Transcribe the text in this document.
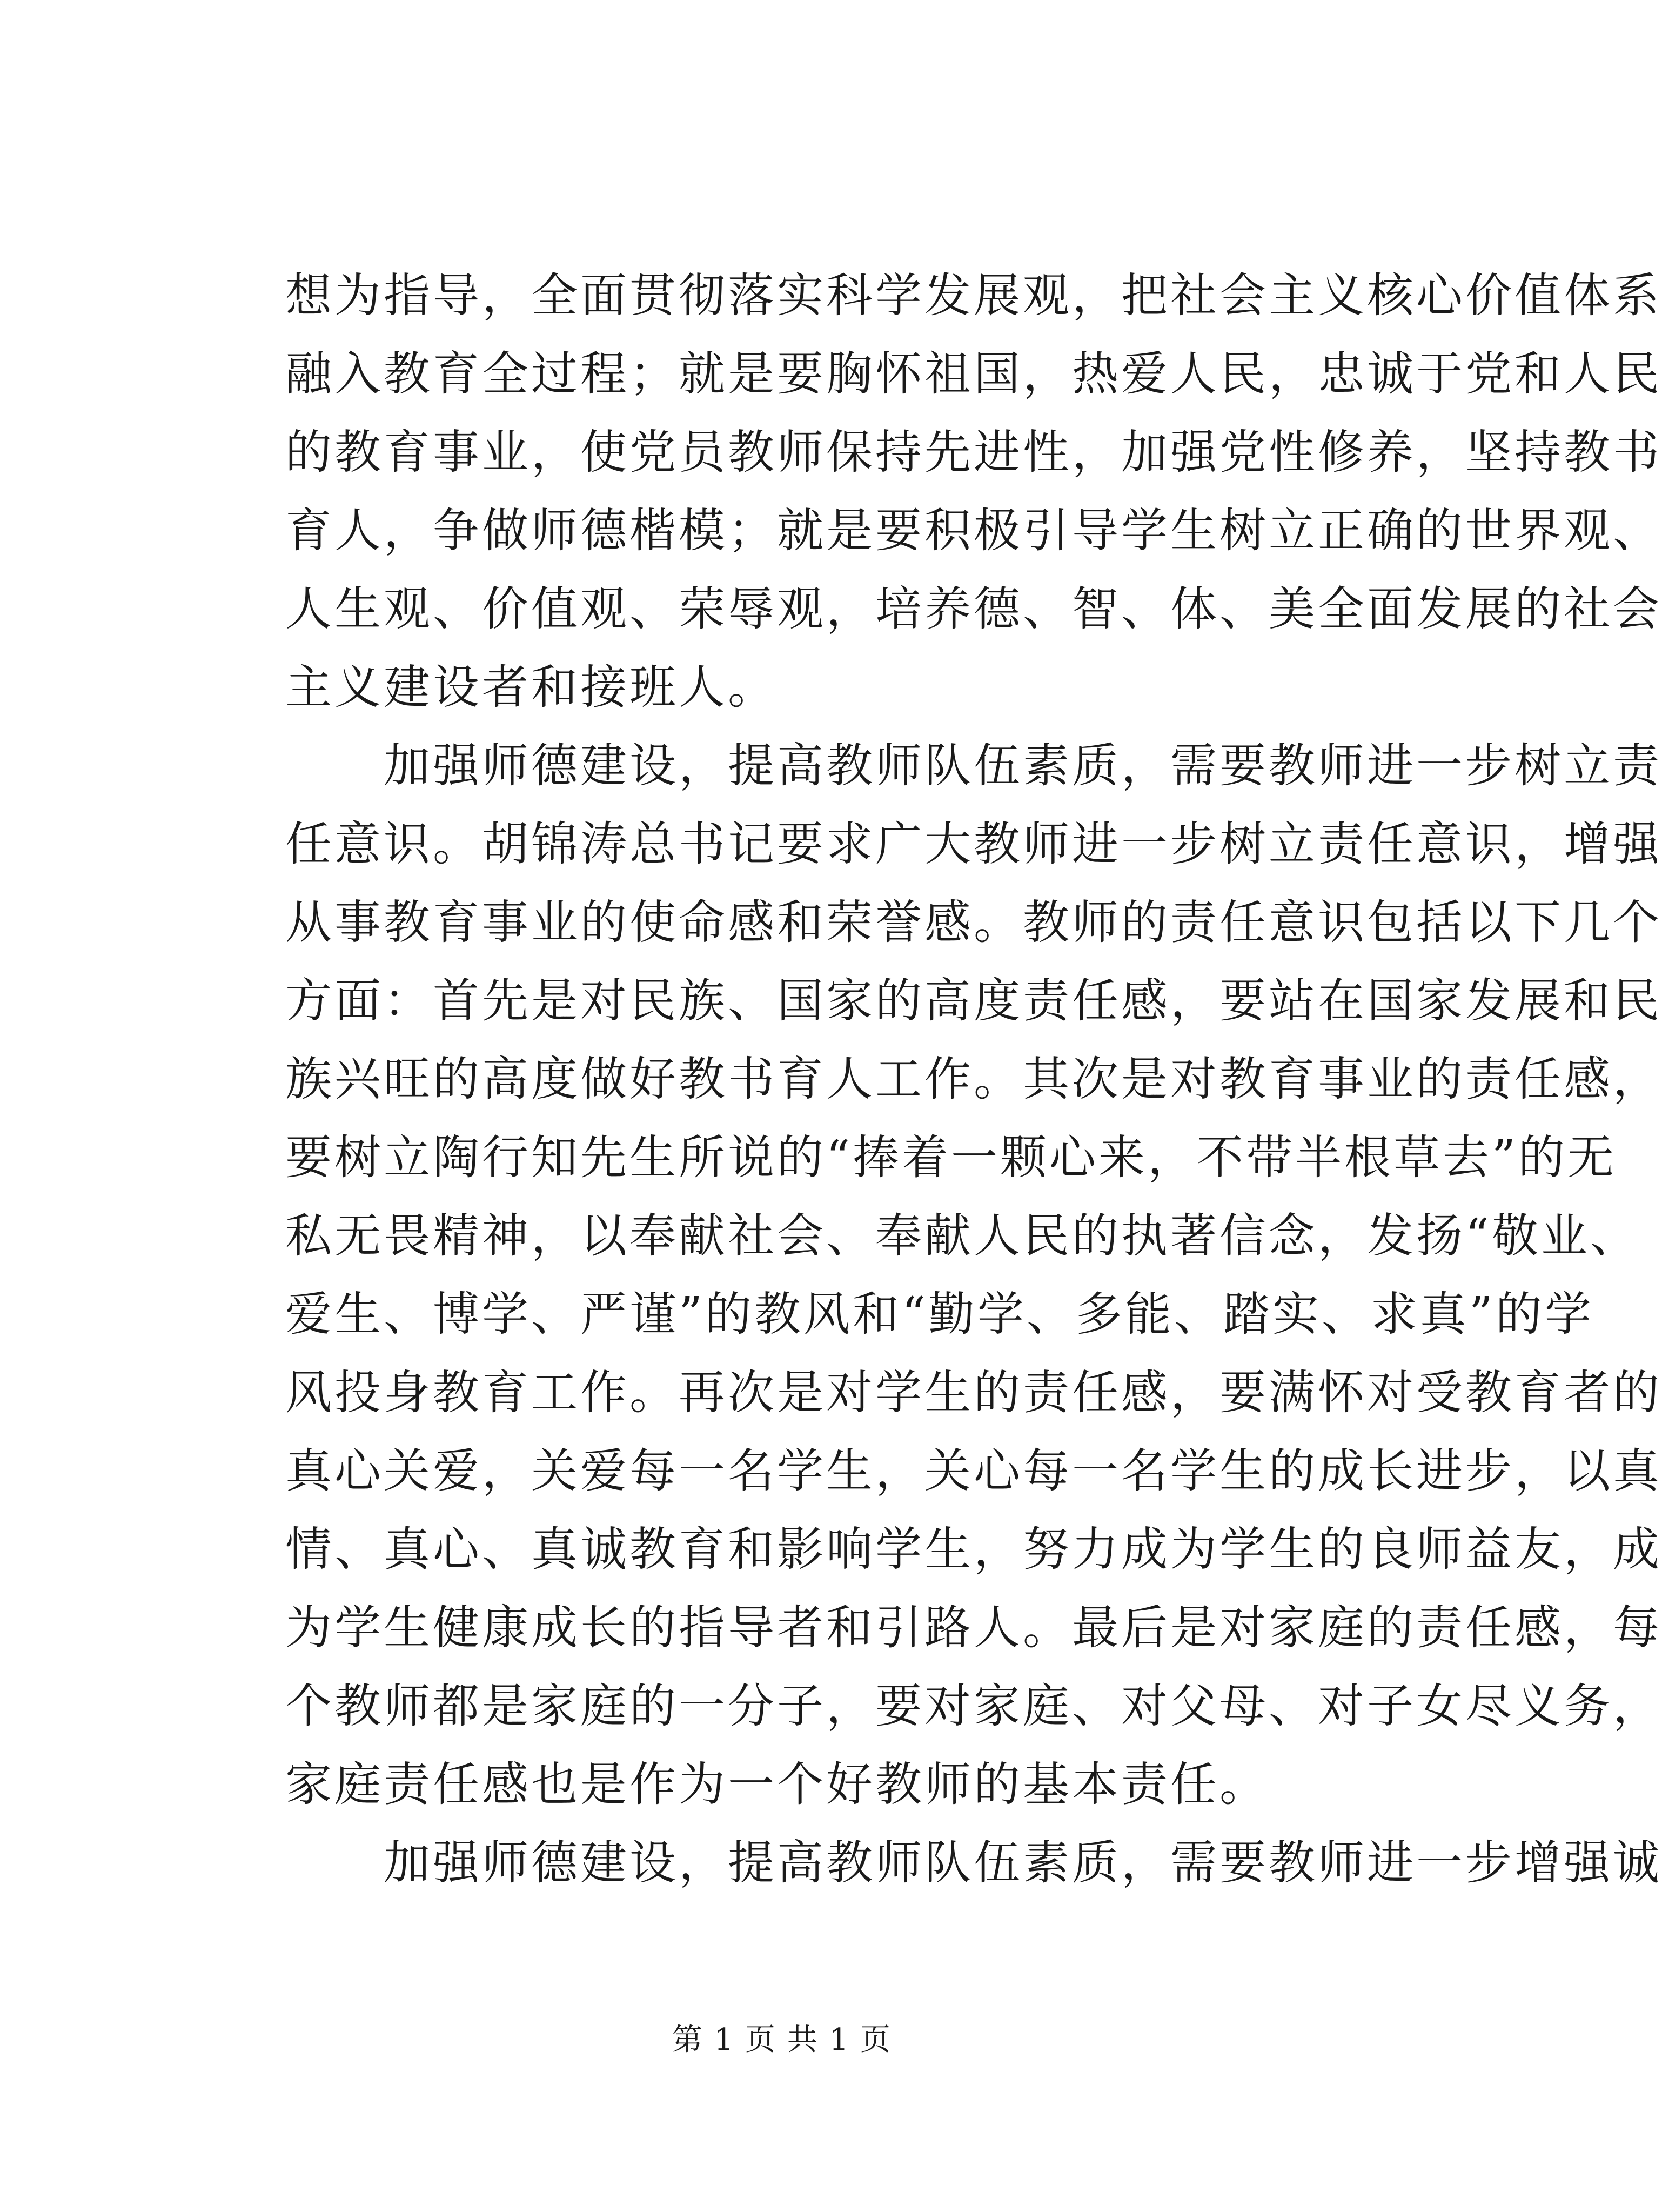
想为指导，全面贯彻落实科学发展观，把社会主义核心价值体系
融入教育全过程；就是要胸怀祖国，热爱人民，忠诚于党和人民
的教育事业，使党员教师保持先进性，加强党性修养，坚持教书
育人，争做师德楷模；就是要积极引导学生树立正确的世界观、
人生观、价值观、荣辱观，培养德、智、体、美全面发展的社会
主义建设者和接班人。
　　加强师德建设，提高教师队伍素质，需要教师进一步树立责
任意识。胡锦涛总书记要求广大教师进一步树立责任意识，增强
从事教育事业的使命感和荣誉感。教师的责任意识包括以下几个
方面：首先是对民族、国家的高度责任感，要站在国家发展和民
族兴旺的高度做好教书育人工作。其次是对教育事业的责任感，
要树立陶行知先生所说的“捧着一颗心来，不带半根草去”的无
私无畏精神，以奉献社会、奉献人民的执著信念，发扬“敬业、
爱生、博学、严谨”的教风和“勤学、多能、踏实、求真”的学
风投身教育工作。再次是对学生的责任感，要满怀对受教育者的
真心关爱，关爱每一名学生，关心每一名学生的成长进步，以真
情、真心、真诚教育和影响学生，努力成为学生的良师益友，成
为学生健康成长的指导者和引路人。最后是对家庭的责任感，每
个教师都是家庭的一分子，要对家庭、对父母、对子女尽义务，
家庭责任感也是作为一个好教师的基本责任。
　　加强师德建设，提高教师队伍素质，需要教师进一步增强诚
第 1 页 共 1 页
